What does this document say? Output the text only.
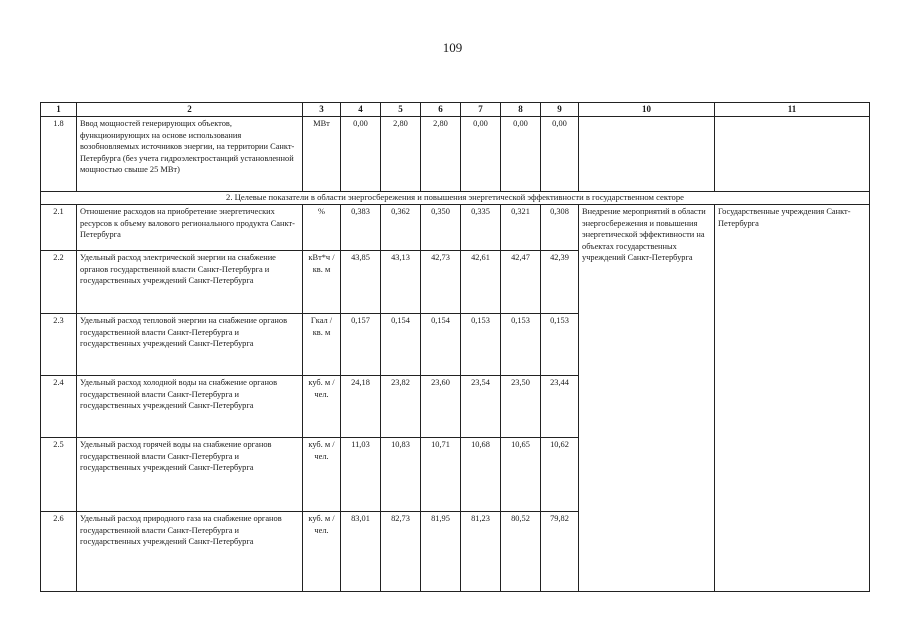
109
1	2	3	4	5	6	7	8	9	10	11
1.8	Ввод мощностей генерирующих объектов, функционирующих на основе использования возобновляемых источников энергии, на территории Санкт-Петербурга (без учета гидроэлектростанций установленной мощностью свыше 25 МВт)	МВт	0,00	2,80	2,80	0,00	0,00	0,00		
2. Целевые показатели в области энергосбережения и повышения энергетической эффективности в государственном секторе										
2.1	Отношение расходов на приобретение энергетических ресурсов к объему валового регионального продукта Санкт-Петербурга	%	0,383	0,362	0,350	0,335	0,321	0,308	Внедрение мероприятий в области энергосбережения и повышения энергетической эффективности на объектах государственных учреждений Санкт-Петербурга	Государственные учреждения Санкт-Петербурга
2.2	Удельный расход электрической энергии на снабжение органов государственной власти Санкт-Петербурга и государственных учреждений Санкт-Петербурга	кВт*ч / кв. м	43,85	43,13	42,73	42,61	42,47	42,39		
2.3	Удельный расход тепловой энергии на снабжение органов государственной власти Санкт-Петербурга и государственных учреждений Санкт-Петербурга	Гкал / кв. м	0,157	0,154	0,154	0,153	0,153	0,153		
2.4	Удельный расход холодной воды на снабжение органов государственной власти Санкт-Петербурга и государственных учреждений Санкт-Петербурга	куб. м / чел.	24,18	23,82	23,60	23,54	23,50	23,44		
2.5	Удельный расход горячей воды на снабжение органов государственной власти Санкт-Петербурга и государственных учреждений Санкт-Петербурга	куб. м / чел.	11,03	10,83	10,71	10,68	10,65	10,62		
2.6	Удельный расход природного газа на снабжение органов государственной власти Санкт-Петербурга и государственных учреждений Санкт-Петербурга	куб. м / чел.	83,01	82,73	81,95	81,23	80,52	79,82		
